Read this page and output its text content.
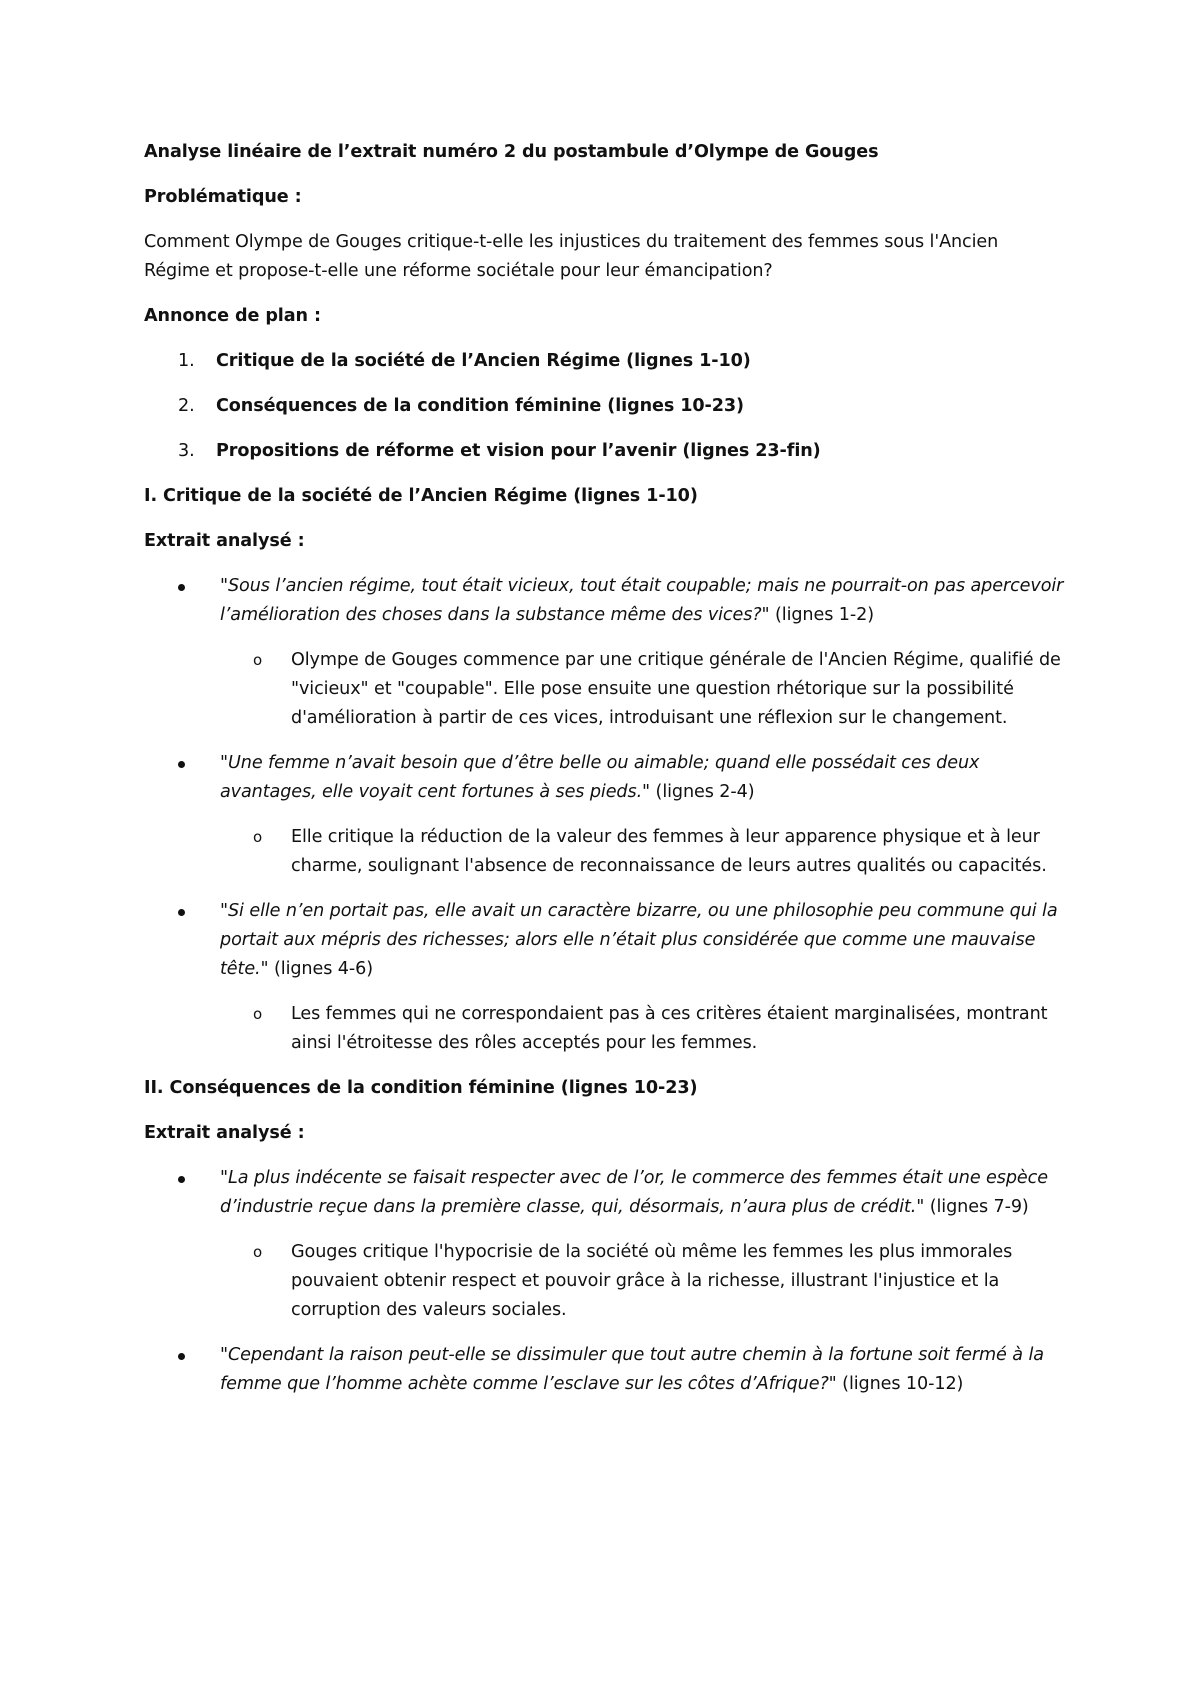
Analyse linéaire de l’extrait numéro 2 du postambule d’Olympe de Gouges

Problématique :

Comment Olympe de Gouges critique-t-elle les injustices du traitement des femmes sous l'Ancien Régime et propose-t-elle une réforme sociétale pour leur émancipation?

Annonce de plan :

1. Critique de la société de l’Ancien Régime (lignes 1-10)
2. Conséquences de la condition féminine (lignes 10-23)
3. Propositions de réforme et vision pour l’avenir (lignes 23-fin)

I. Critique de la société de l’Ancien Régime (lignes 1-10)

Extrait analysé :

"Sous l’ancien régime, tout était vicieux, tout était coupable; mais ne pourrait-on pas apercevoir l’amélioration des choses dans la substance même des vices?" (lignes 1-2)
o Olympe de Gouges commence par une critique générale de l'Ancien Régime, qualifié de "vicieux" et "coupable". Elle pose ensuite une question rhétorique sur la possibilité d'amélioration à partir de ces vices, introduisant une réflexion sur le changement.
"Une femme n’avait besoin que d’être belle ou aimable; quand elle possédait ces deux avantages, elle voyait cent fortunes à ses pieds." (lignes 2-4)
o Elle critique la réduction de la valeur des femmes à leur apparence physique et à leur charme, soulignant l'absence de reconnaissance de leurs autres qualités ou capacités.
"Si elle n’en portait pas, elle avait un caractère bizarre, ou une philosophie peu commune qui la portait aux mépris des richesses; alors elle n’était plus considérée que comme une mauvaise tête." (lignes 4-6)
o Les femmes qui ne correspondaient pas à ces critères étaient marginalisées, montrant ainsi l'étroitesse des rôles acceptés pour les femmes.

II. Conséquences de la condition féminine (lignes 10-23)

Extrait analysé :

"La plus indécente se faisait respecter avec de l’or, le commerce des femmes était une espèce d’industrie reçue dans la première classe, qui, désormais, n’aura plus de crédit." (lignes 7-9)
o Gouges critique l'hypocrisie de la société où même les femmes les plus immorales pouvaient obtenir respect et pouvoir grâce à la richesse, illustrant l'injustice et la corruption des valeurs sociales.
"Cependant la raison peut-elle se dissimuler que tout autre chemin à la fortune soit fermé à la femme que l’homme achète comme l’esclave sur les côtes d’Afrique?" (lignes 10-12)
